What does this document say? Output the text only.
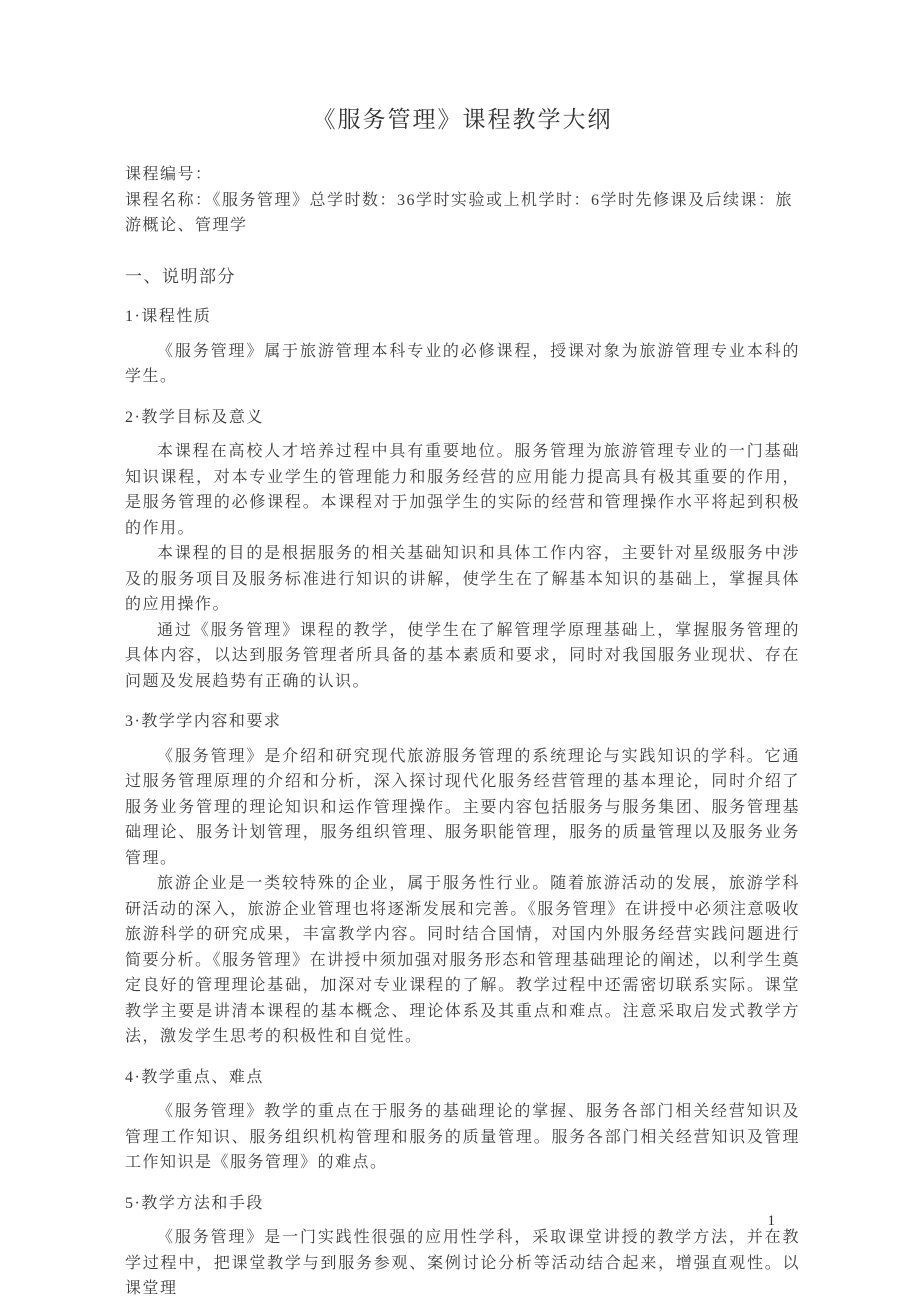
《服务管理》课程教学大纲

课程编号：

课程名称：《服务管理》总学时数：36学时实验或上机学时：6学时先修课及后续课：旅游概论、管理学

一、说明部分
1·课程性质

《服务管理》属于旅游管理本科专业的必修课程，授课对象为旅游管理专业本科的学生。

2·教学目标及意义

本课程在高校人才培养过程中具有重要地位。服务管理为旅游管理专业的一门基础知识课程，对本专业学生的管理能力和服务经营的应用能力提高具有极其重要的作用，是服务管理的必修课程。本课程对于加强学生的实际的经营和管理操作水平将起到积极的作用。

本课程的目的是根据服务的相关基础知识和具体工作内容，主要针对星级服务中涉及的服务项目及服务标准进行知识的讲解，使学生在了解基本知识的基础上，掌握具体的应用操作。

通过《服务管理》课程的教学，使学生在了解管理学原理基础上，掌握服务管理的具体内容，以达到服务管理者所具备的基本素质和要求，同时对我国服务业现状、存在问题及发展趋势有正确的认识。

3·教学学内容和要求

《服务管理》是介绍和研究现代旅游服务管理的系统理论与实践知识的学科。它通过服务管理原理的介绍和分析，深入探讨现代化服务经营管理的基本理论，同时介绍了服务业务管理的理论知识和运作管理操作。主要内容包括服务与服务集团、服务管理基础理论、服务计划管理，服务组织管理、服务职能管理，服务的质量管理以及服务业务管理。

旅游企业是一类较特殊的企业，属于服务性行业。随着旅游活动的发展，旅游学科研活动的深入，旅游企业管理也将逐渐发展和完善。《服务管理》在讲授中必须注意吸收旅游科学的研究成果，丰富教学内容。同时结合国情，对国内外服务经营实践问题进行简要分析。《服务管理》在讲授中须加强对服务形态和管理基础理论的阐述，以利学生奠定良好的管理理论基础，加深对专业课程的了解。教学过程中还需密切联系实际。课堂教学主要是讲清本课程的基本概念、理论体系及其重点和难点。注意采取启发式教学方法，激发学生思考的积极性和自觉性。

4·教学重点、难点

《服务管理》教学的重点在于服务的基础理论的掌握、服务各部门相关经营知识及管理工作知识、服务组织机构管理和服务的质量管理。服务各部门相关经营知识及管理工作知识是《服务管理》的难点。

5·教学方法和手段

《服务管理》是一门实践性很强的应用性学科，采取课堂讲授的教学方法，并在教学过程中，把课堂教学与到服务参观、案例讨论分析等活动结合起来，增强直观性。以课堂理

1
